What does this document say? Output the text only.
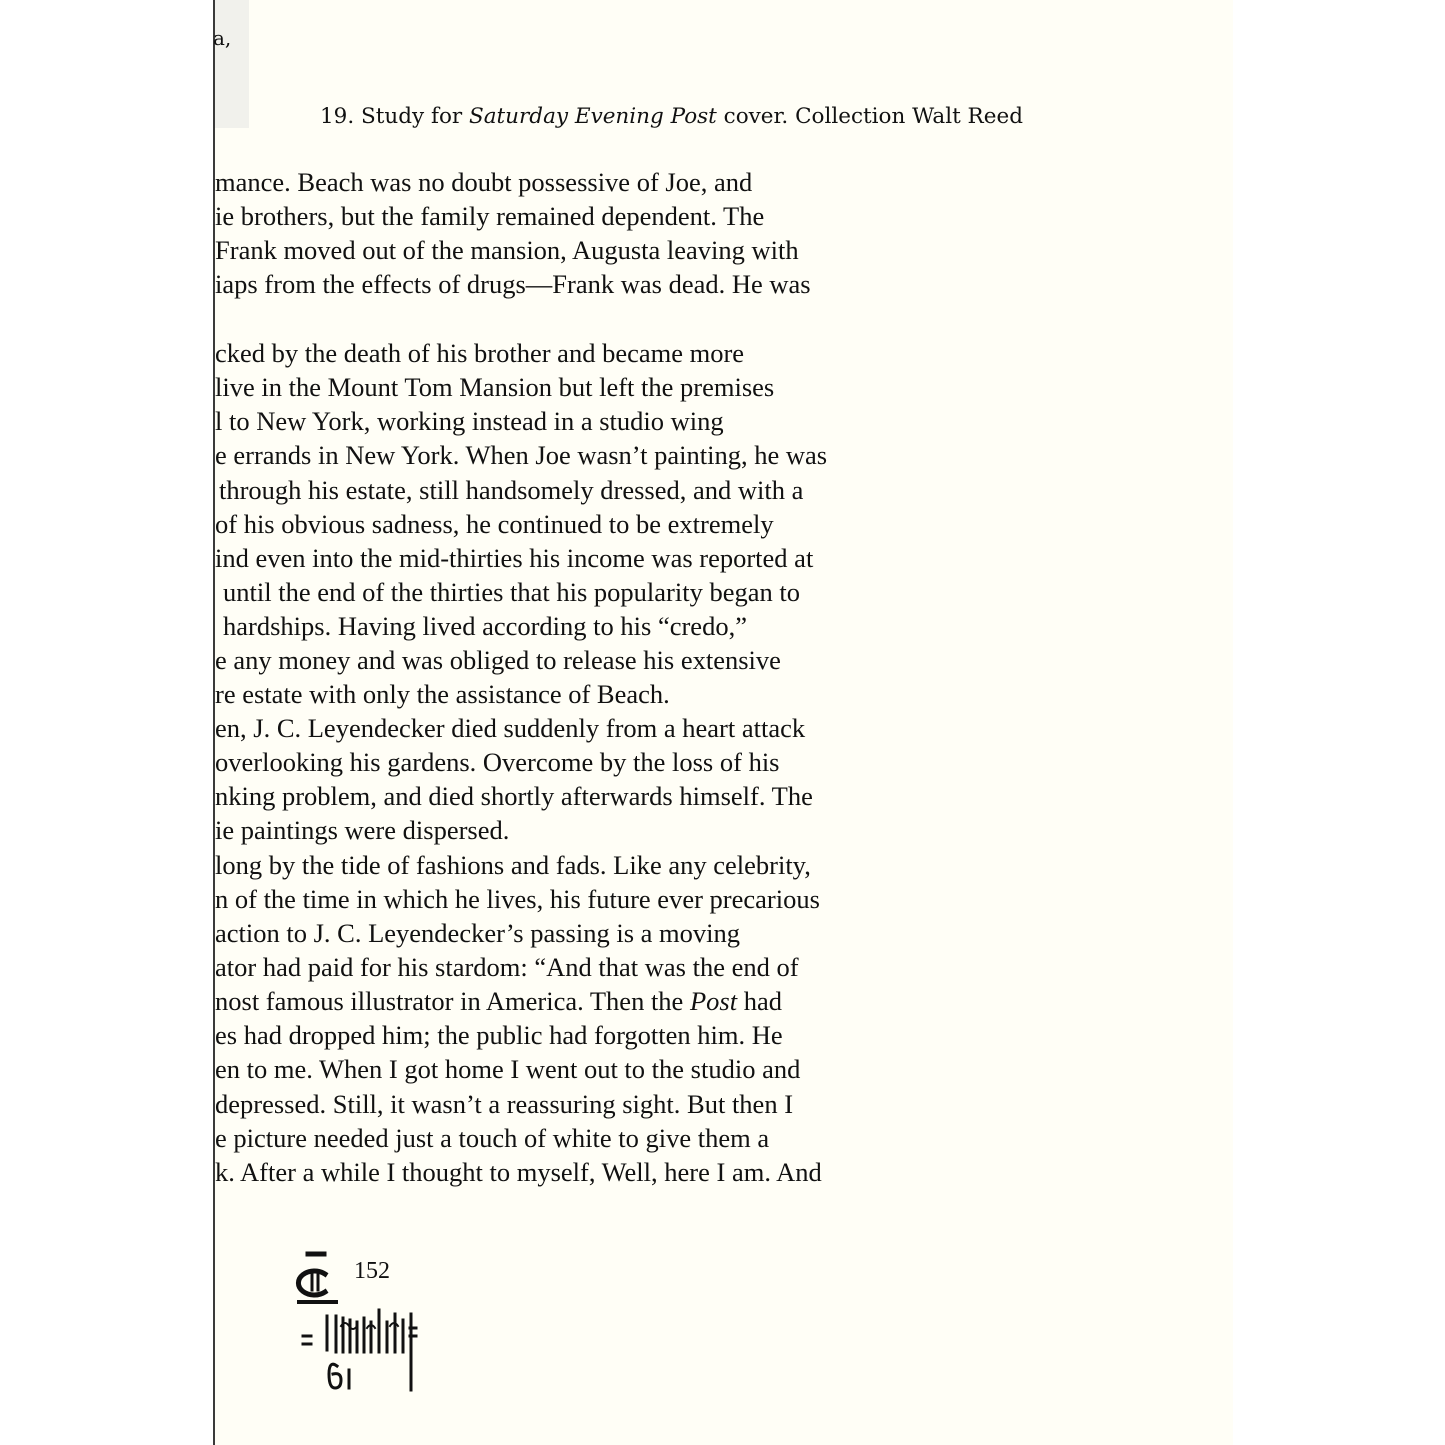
a,
19. Study for Saturday Evening Post cover. Collection Walt Reed
mance. Beach was no doubt possessive of Joe, and
ie brothers, but the family remained dependent. The
Frank moved out of the mansion, Augusta leaving with
iaps from the effects of drugs—Frank was dead. He was
cked by the death of his brother and became more
live in the Mount Tom Mansion but left the premises
l to New York, working instead in a studio wing
e errands in New York. When Joe wasn’t painting, he was
through his estate, still handsomely dressed, and with a
of his obvious sadness, he continued to be extremely
ind even into the mid-thirties his income was reported at
until the end of the thirties that his popularity began to
hardships. Having lived according to his “credo,”
e any money and was obliged to release his extensive
re estate with only the assistance of Beach.
en, J. C. Leyendecker died suddenly from a heart attack
overlooking his gardens. Overcome by the loss of his
nking problem, and died shortly afterwards himself. The
ie paintings were dispersed.
long by the tide of fashions and fads. Like any celebrity,
n of the time in which he lives, his future ever precarious
action to J. C. Leyendecker’s passing is a moving
ator had paid for his stardom: “And that was the end of
nost famous illustrator in America. Then the Post had
es had dropped him; the public had forgotten him. He
en to me. When I got home I went out to the studio and
depressed. Still, it wasn’t a reassuring sight. But then I
e picture needed just a touch of white to give them a
k. After a while I thought to myself, Well, here I am. And
152
